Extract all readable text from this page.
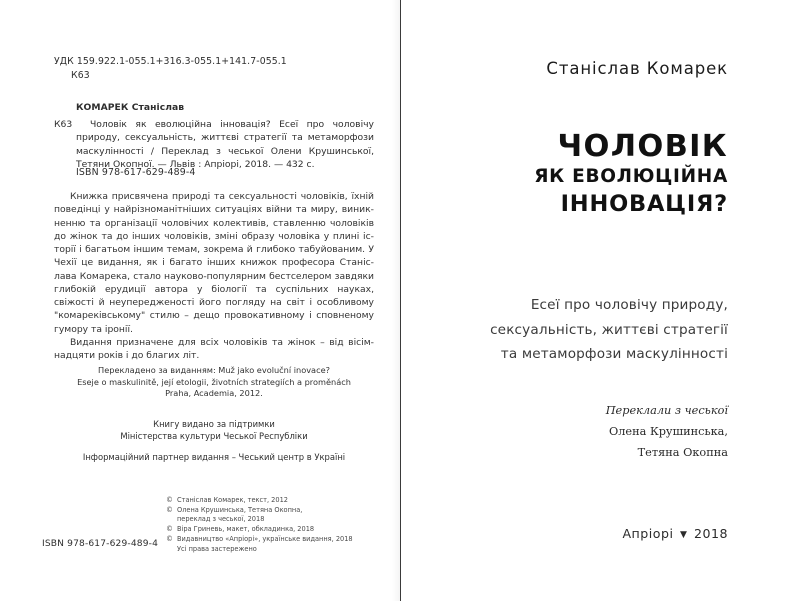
УДК 159.922.1-055.1+316.3-055.1+141.7-055.1
К63
КОМАРЕК Станіслав
К63	Чоловік як еволюційна інновація? Есеї про чоловічу природу, сексуальність, життєві стратегії та метаморфози маскулінності / Переклад з чеської Олени Крушинської, Тетяни Окопної. — Львів : Апріорі, 2018. — 432 с.
ISBN 978-617-629-489-4

Книжка присвячена природі та сексуальності чоловіків, їхній поведінці у найрізноманітніших ситуаціях війни та миру, виникненню та організації чоловічих колективів, ставленню чоловіків до жінок та до інших чоловіків, зміні образу чоловіка у плині історії і багатьом іншим темам, зокрема й глибоко табуйованим. У Чехії це видання, як і багато інших книжок професора Станіслава Комарека, стало науково-популярним бестселером завдяки глибокій ерудиції автора у біології та суспільних науках, свіжості й неупередженості його погляду на світ і особливому "комареківському" стилю – дещо провокативному і сповненому гумору та іронії.

Видання призначене для всіх чоловіків та жінок – від вісімнадцяти років і до благих літ.

Перекладено за виданням: Muž jako evoluční inovace?
Eseje o maskulinitě, její etologii, životních strategiích a proměnách
Praha, Academia, 2012.
Книгу видано за підтримки
Міністерства культури Чеської Республіки
Інформаційний партнер видання – Чеський центр в Україні
© Станіслав Комарек, текст, 2012
© Олена Крушинська, Тетяна Окопна,
переклад з чеської, 2018
© Віра Гриневь, макет, обкладинка, 2018
© Видавництво «Апріорі», українське видання, 2018
Усі права застережено
ISBN 978-617-629-489-4
Станіслав Комарек
ЧОЛОВІК
ЯК ЕВОЛЮЦІЙНА
ІННОВАЦІЯ?
Есеї про чоловічу природу,
сексуальність, життєві стратегії
та метаморфози маскулінності
Переклали з чеської
Олена Крушинська,
Тетяна Окопна
Апріорі ▼ 2018
